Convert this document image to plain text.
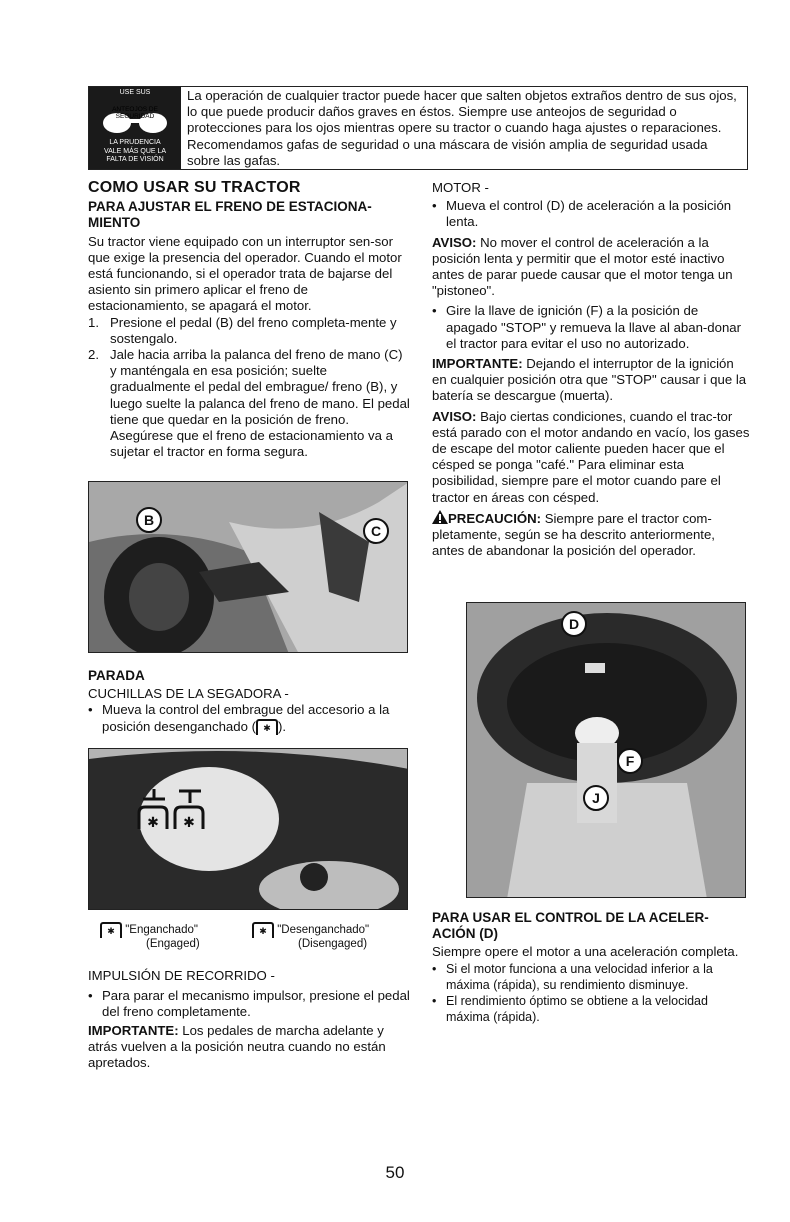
USE SUS
ANTEOJOS DE
SEGURIDAD
LA PRUDENCIA
VALE MÁS QUE LA
FALTA DE VISIÓN
La operación de cualquier tractor puede hacer que salten objetos extraños dentro de sus ojos, lo que puede producir daños graves en éstos. Siempre use anteojos de seguridad o protecciones para los ojos mientras opere su tractor o cuando haga ajustes o reparaciones. Recomendamos gafas de seguridad o una máscara de visión amplia de seguridad usada sobre las gafas.
COMO USAR SU TRACTOR
PARA AJUSTAR EL FRENO DE ESTACIONA-MIENTO

Su tractor viene equipado con un interruptor sen-sor que exige la presencia del operador. Cuando el motor está funcionando, si el operador trata de bajarse del asiento sin primero aplicar el freno de estacionamiento, se apagará el motor.

1. Presione el pedal (B) del freno completa-mente y sostengalo.
2. Jale hacia arriba la palanca del freno de mano (C) y manténgala en esa posición; suelte gradualmente el pedal del embrague/ freno (B), y luego suelte la palanca del freno de mano. El pedal tiene que quedar en la posición de freno. Asegúrese que el freno de estacionamiento va a sujetar el tractor en forma segura.
B
C
PARADA
CUCHILLAS DE LA SEGADORA -
• Mueva la control del embrague del accesorio a la posición desenganchado ( ✱ ).
✱ ✱
✱ "Enganchado"
(Engaged)
✱ "Desenganchado"
(Disengaged)
IMPULSIÓN DE RECORRIDO -
• Para parar el mecanismo impulsor, presione el pedal del freno completamente.

IMPORTANTE: Los pedales de marcha adelante y atrás vuelven a la posición neutra cuando no están apretados.

MOTOR -
• Mueva el control (D) de aceleración a la posición lenta.

AVISO: No mover el control de aceleración a la posición lenta y permitir que el motor esté inactivo antes de parar puede causar que el motor tenga un "pistoneo".

• Gire la llave de ignición (F) a la posición de apagado "STOP" y remueva la llave al aban-donar el tractor para evitar el uso no autorizado.

IMPORTANTE: Dejando el interruptor de la ignición en cualquier posición otra que "STOP" causar i que la batería se descargue (muerta).

AVISO: Bajo ciertas condiciones, cuando el trac-tor está parado con el motor andando en vacío, los gases de escape del motor caliente pueden hacer que el césped se ponga "café." Para eliminar esta posibilidad, siempre pare el motor cuando pare el tractor en áreas con césped.

PRECAUCIÓN: Siempre pare el tractor com-pletamente, según se ha descrito anteriormente, antes de abandonar la posición del operador.

D
F
J
PARA USAR EL CONTROL DE LA ACELER-ACIÓN (D)

Siempre opere el motor a una aceleración completa.

• Si el motor funciona a una velocidad inferior a la máxima (rápida), su rendimiento disminuye.
• El rendimiento óptimo se obtiene a la velocidad máxima (rápida).
50
